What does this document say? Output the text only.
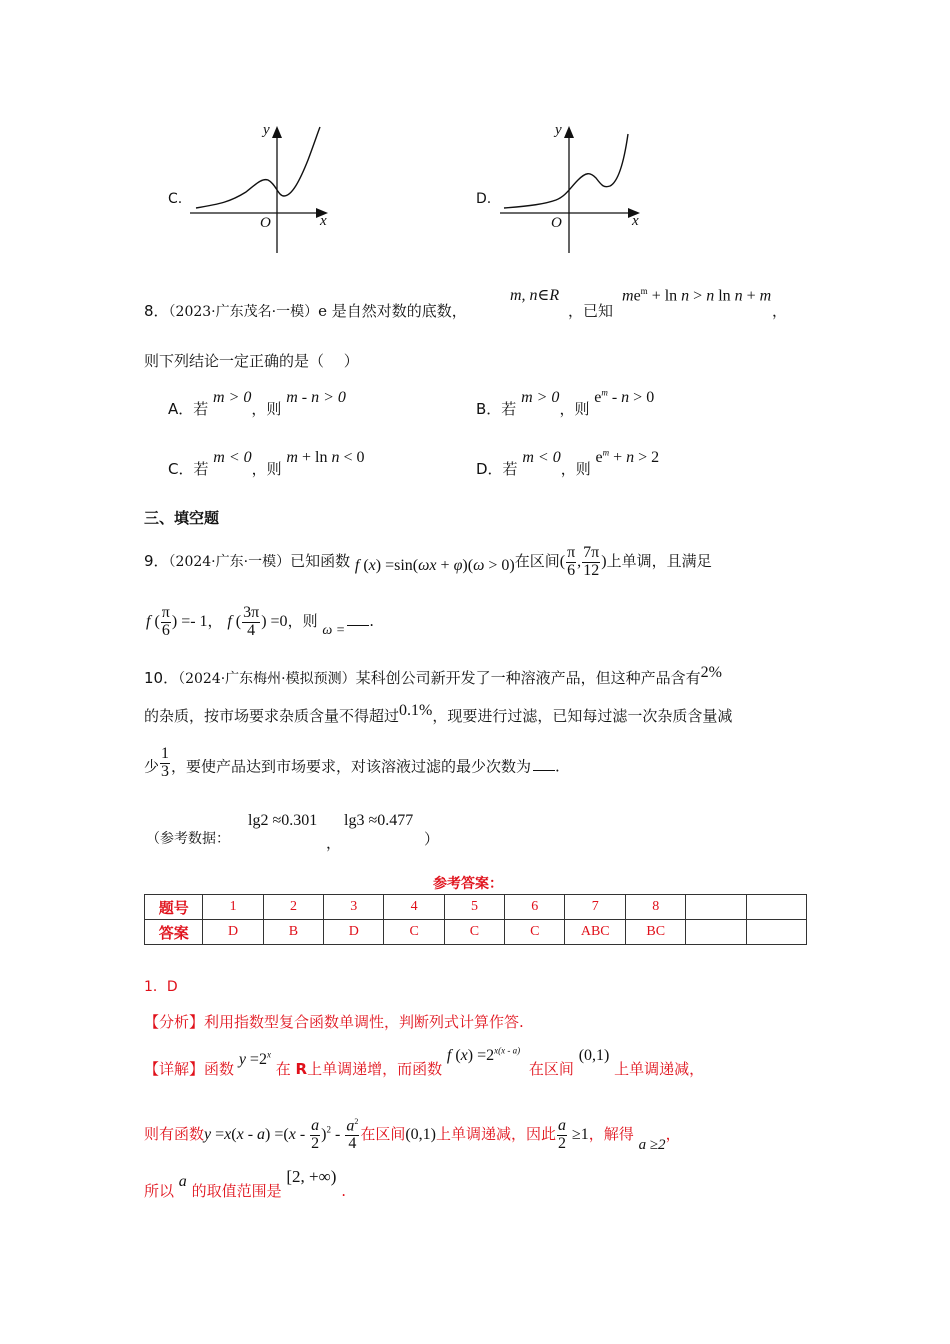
C.
y
O	x
D.
y
O	x
8．（2023·广东茂名·一模）e 是自然对数的底数，
m, n∈R
，已知
$me^m + \ln n > n$ ln n + m
，
则下列结论一定正确的是（　 ）
A．若 m > 0，则 m - n > 0
B．若 m > 0，则 $e^m - n > 0$
C．若 m < 0，则 m + ln n < 0
D．若 m < 0，则 $e^m + n > 2$
三、填空题
9．（2024·广东·一模）已知函数 f (x) =sin(ωx + φ)(ω > 0)在区间( $\frac{\pi}{6}$ , $\frac{7\pi}{12}$ )上单调，且满足
f ( $\frac{\pi}{6}$ ) =- 1， f ( $\frac{3\pi}{4}$ ) =0，则 ω =.
10．（2024·广东梅州·模拟预测）某科创公司新开发了一种溶液产品，但这种产品含有2%
的杂质，按市场要求杂质含量不得超过0.1%，现要进行过滤，已知每过滤一次杂质含量减
少 $\frac{1}{3}$ ，要使产品达到市场要求，对该溶液过滤的最少次数为 .
（参考数据：
lg2 ≈0.301
，
lg3 ≈0.477
）
参考答案：
题号	1	2	3	4	5	6	7	8		
答案	D	B	D	C	C	C	ABC	BC		
1．D
【分析】利用指数型复合函数单调性，判断列式计算作答.
【详解】函数 $y =2^x$ 在 R上单调递增，而函数 f $(x) =2^{x(x - a)}$ 在区间 (0,1) 上单调递减，
则有函数$y =x(x - a) =(x - \frac{a}{2} )^2 - \frac{a^2}{4}$ 在区间(0,1)上单调递减，因此 $\frac{a}{2} \ge 1$，解得 a ≥2，
所以 a 的取值范围是 [2, +∞) .
